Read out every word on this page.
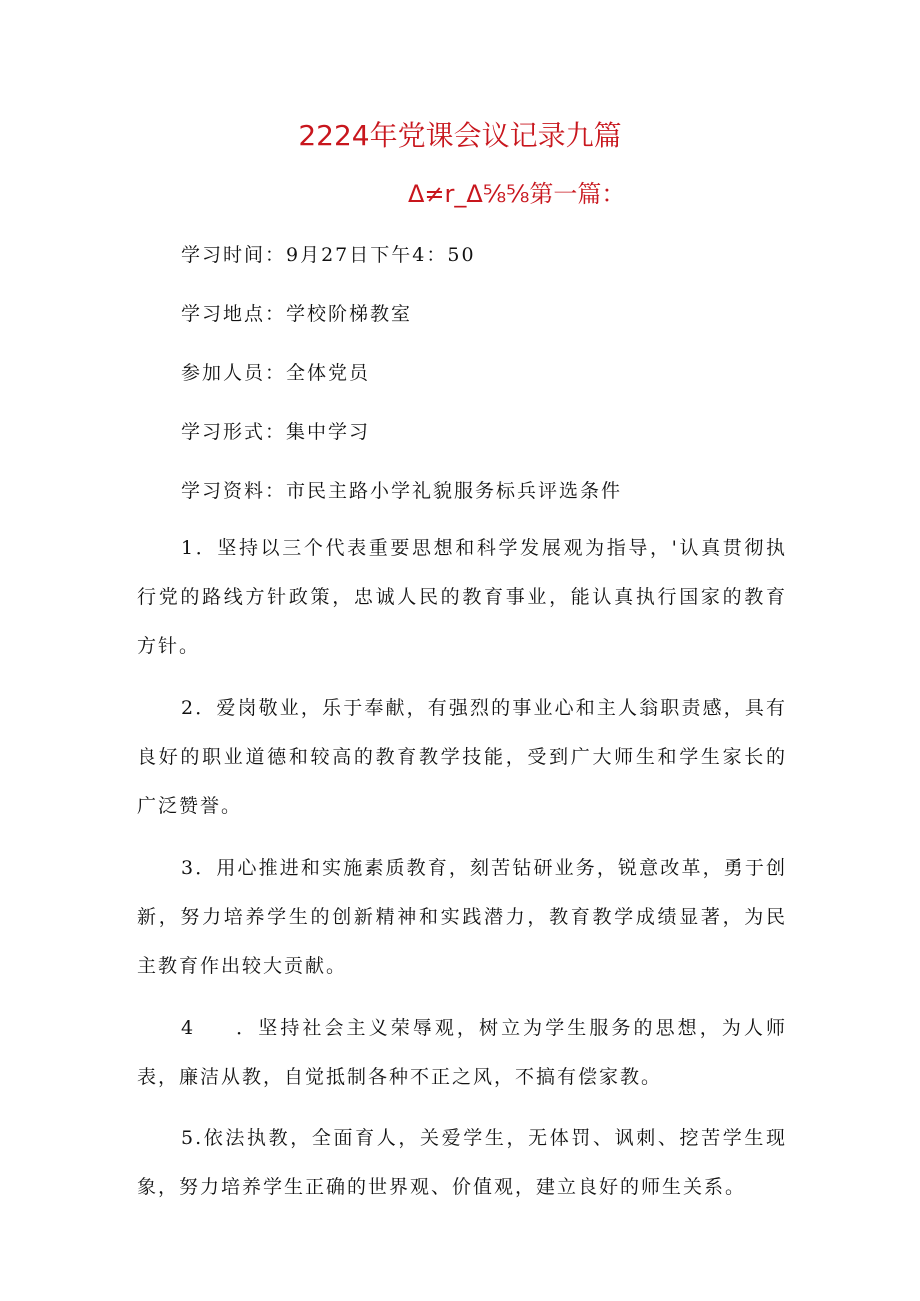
2224年党课会议记录九篇
Δ≠r_Δ⅝⅝第一篇：
学习时间：9月27日下午4：50
学习地点：学校阶梯教室
参加人员：全体党员
学习形式：集中学习
学习资料：市民主路小学礼貌服务标兵评选条件
1．坚持以三个代表重要思想和科学发展观为指导，'认真贯彻执行党的路线方针政策，忠诚人民的教育事业，能认真执行国家的教育方针。
2．爱岗敬业，乐于奉献，有强烈的事业心和主人翁职责感，具有良好的职业道德和较高的教育教学技能，受到广大师生和学生家长的广泛赞誉。
3．用心推进和实施素质教育，刻苦钻研业务，锐意改革，勇于创新，努力培养学生的创新精神和实践潜力，教育教学成绩显著，为民主教育作出较大贡献。
4 ．坚持社会主义荣辱观，树立为学生服务的思想，为人师表，廉洁从教，自觉抵制各种不正之风，不搞有偿家教。
5.依法执教，全面育人，关爱学生，无体罚、讽刺、挖苦学生现象，努力培养学生正确的世界观、价值观，建立良好的师生关系。
